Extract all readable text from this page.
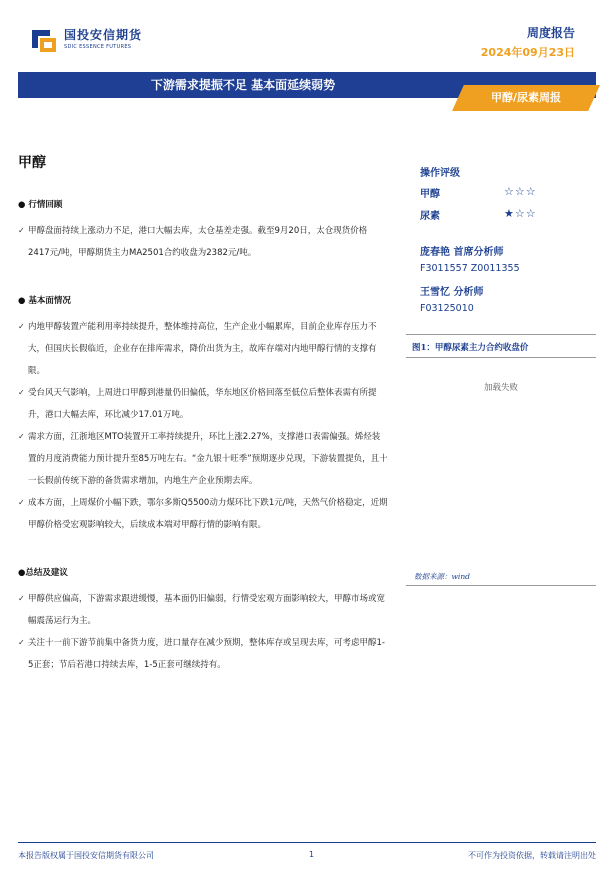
国投安信期货
SDIC ESSENCE FUTURES
周度报告
2024年09月23日
下游需求提振不足 基本面延续弱势
甲醇/尿素周报
甲醇
● 行情回顾

✓ 甲醇盘面持续上涨动力不足，港口大幅去库，太仓基差走强。截至9月20日，太仓现货价格2417元/吨，甲醇期货主力MA2501合约收盘为2382元/吨。

● 基本面情况

✓ 内地甲醇装置产能利用率持续提升，整体维持高位，生产企业小幅累库，目前企业库存压力不大，但国庆长假临近，企业存在排库需求，降价出货为主，故库存端对内地甲醇行情的支撑有限。

✓ 受台风天气影响，上周进口甲醇到港量仍旧偏低，华东地区价格回落至低位后整体表需有所提升，港口大幅去库，环比减少17.01万吨。

✓ 需求方面，江浙地区MTO装置开工率持续提升，环比上涨2.27%，支撑港口表需偏强。烯烃装置的月度消费能力预计提升至85万吨左右。“金九银十旺季”预期逐步兑现，下游装置提负，且十一长假前传统下游的备货需求增加，内地生产企业预期去库。

✓ 成本方面，上周煤价小幅下跌，鄂尔多斯Q5500动力煤环比下跌1元/吨，天然气价格稳定，近期甲醇价格受宏观影响较大，后续成本端对甲醇行情的影响有限。

●总结及建议

✓ 甲醇供应偏高，下游需求跟进缓慢，基本面仍旧偏弱，行情受宏观方面影响较大，甲醇市场或宽幅震荡运行为主。

✓ 关注十一前下游节前集中备货力度，进口量存在减少预期，整体库存或呈现去库，可考虑甲醇1-5正套；节后若港口持续去库，1-5正套可继续持有。

操作评级
甲醇	☆☆☆
尿素	★☆☆
庞春艳 首席分析师
F3011557 Z0011355
王雪忆 分析师
F03125010
图1：甲醇尿素主力合约收盘价
加载失败
数据来源：wind
本报告版权属于国投安信期货有限公司	1	不可作为投资依据，转载请注明出处
